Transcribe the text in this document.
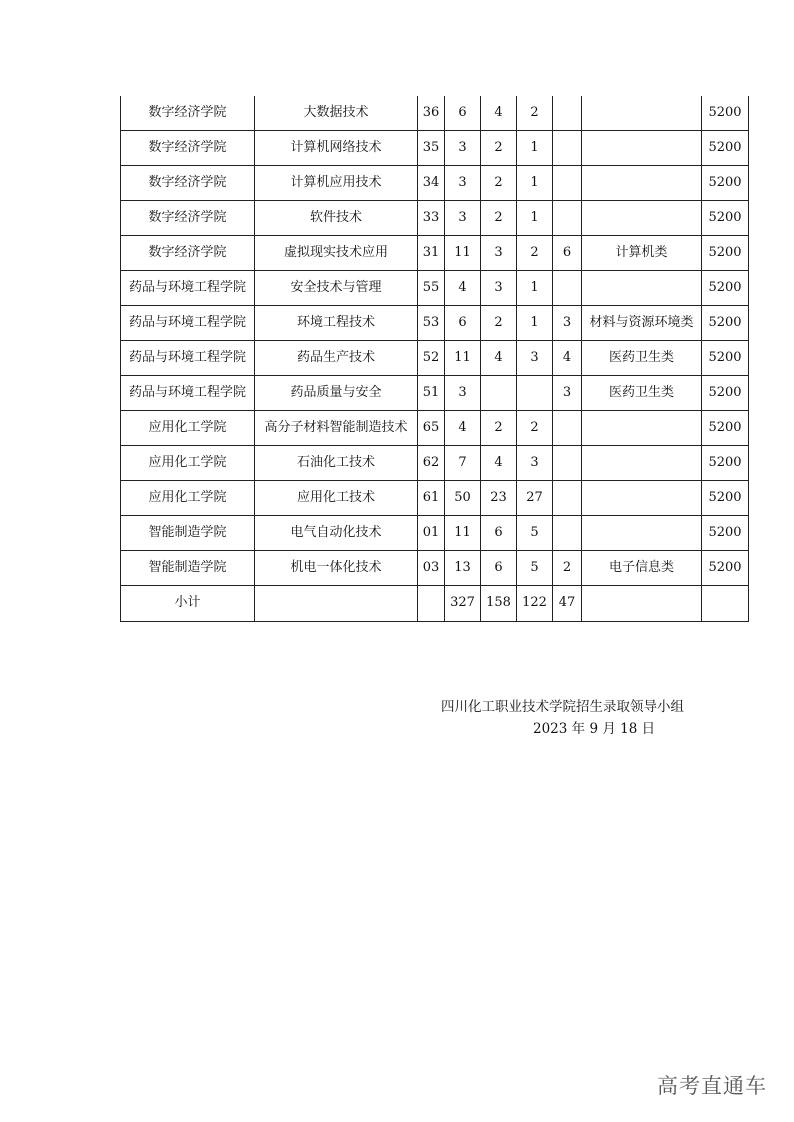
数字经济学院	大数据技术	36	6	4	2			5200
数字经济学院	计算机网络技术	35	3	2	1			5200
数字经济学院	计算机应用技术	34	3	2	1			5200
数字经济学院	软件技术	33	3	2	1			5200
数字经济学院	虚拟现实技术应用	31	11	3	2	6	计算机类	5200
药品与环境工程学院	安全技术与管理	55	4	3	1			5200
药品与环境工程学院	环境工程技术	53	6	2	1	3	材料与资源环境类	5200
药品与环境工程学院	药品生产技术	52	11	4	3	4	医药卫生类	5200
药品与环境工程学院	药品质量与安全	51	3			3	医药卫生类	5200
应用化工学院	高分子材料智能制造技术	65	4	2	2			5200
应用化工学院	石油化工技术	62	7	4	3			5200
应用化工学院	应用化工技术	61	50	23	27			5200
智能制造学院	电气自动化技术	01	11	6	5			5200
智能制造学院	机电一体化技术	03	13	6	5	2	电子信息类	5200
小计			327	158	122	47		
四川化工职业技术学院招生录取领导小组
2023 年 9 月 18 日
高考直通车
